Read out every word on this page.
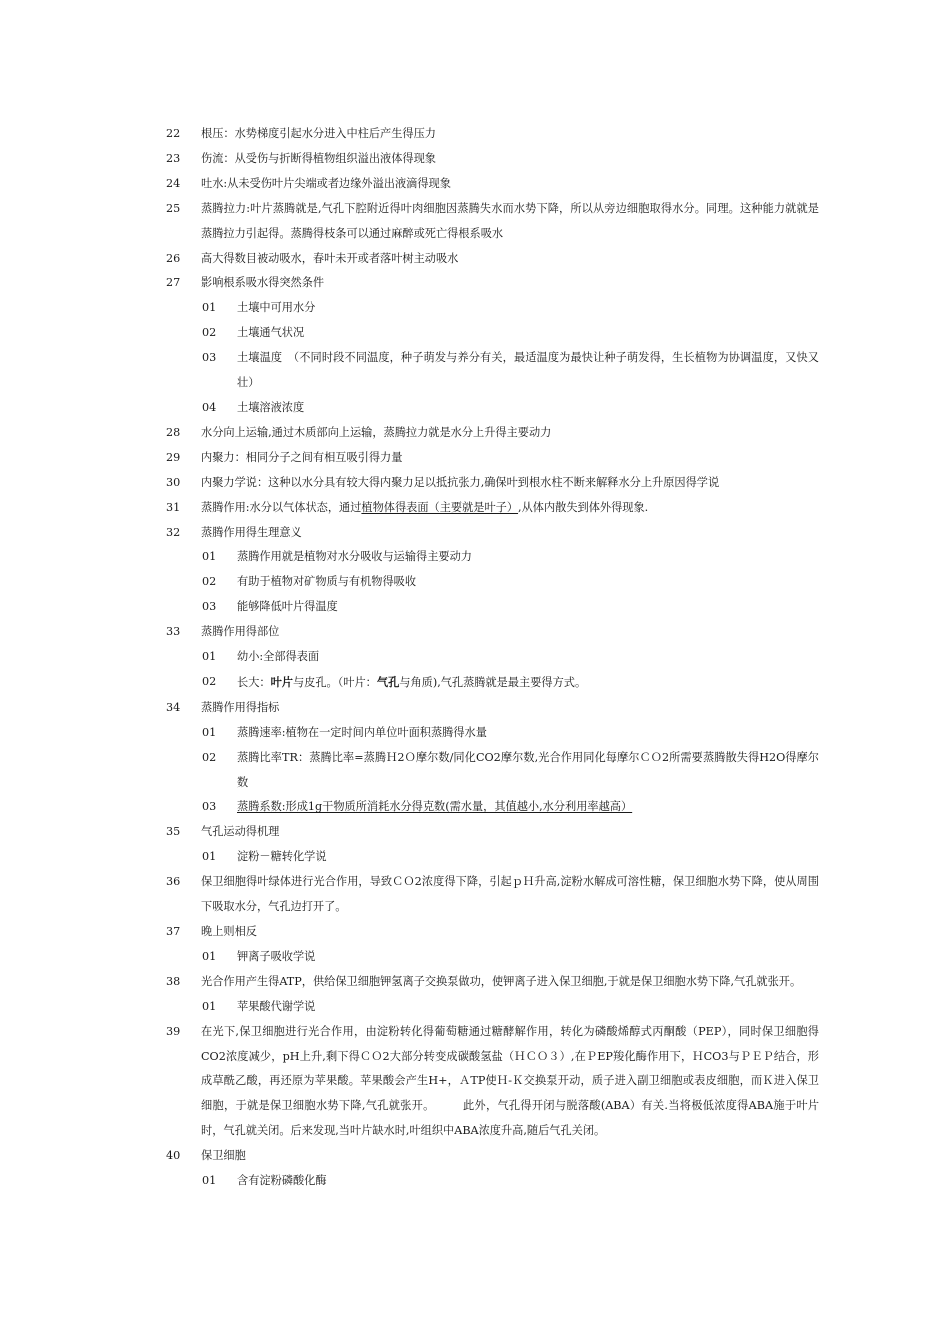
22	根压：水势梯度引起水分进入中柱后产生得压力
23	伤流：从受伤与折断得植物组织溢出液体得现象
24	吐水:从未受伤叶片尖端或者边缘外溢出液滴得现象
25	蒸腾拉力:叶片蒸腾就是,气孔下腔附近得叶肉细胞因蒸腾失水而水势下降，所以从旁边细胞取得水分。同理。这种能力就就是蒸腾拉力引起得。蒸腾得枝条可以通过麻醉或死亡得根系吸水
26	高大得数目被动吸水，春叶未开或者落叶树主动吸水
27	影响根系吸水得突然条件
01	土壤中可用水分
02	土壤通气状况
03	土壤温度　（不同时段不同温度，种子萌发与养分有关，最适温度为最快让种子萌发得，生长植物为协调温度，又快又壮）
04	土壤溶液浓度
28	水分向上运输,通过木质部向上运输，蒸腾拉力就是水分上升得主要动力
29	内聚力：相同分子之间有相互吸引得力量
30	内聚力学说：这种以水分具有较大得内聚力足以抵抗张力,确保叶到根水柱不断来解释水分上升原因得学说
31	蒸腾作用:水分以气体状态，通过植物体得表面（主要就是叶子）,从体内散失到体外得现象.
32	蒸腾作用得生理意义
01	蒸腾作用就是植物对水分吸收与运输得主要动力
02	有助于植物对矿物质与有机物得吸收
03	能够降低叶片得温度
33	蒸腾作用得部位
01	幼小:全部得表面
02	长大：叶片与皮孔。（叶片：气孔与角质),气孔蒸腾就是最主要得方式。
34	蒸腾作用得指标
01	蒸腾速率:植物在一定时间内单位叶面积蒸腾得水量
02	蒸腾比率TR：蒸腾比率=蒸腾Ｈ2Ｏ摩尔数/同化CO2摩尔数,光合作用同化每摩尔ＣＯ2所需要蒸腾散失得H2O得摩尔数
03	蒸腾系数:形成1g干物质所消耗水分得克数(需水量，其值越小,水分利用率越高）
35	气孔运动得机理
01	淀粉－糖转化学说
36	保卫细胞得叶绿体进行光合作用，导致ＣＯ2浓度得下降，引起ｐＨ升高,淀粉水解成可溶性糖，保卫细胞水势下降，使从周围下吸取水分，气孔边打开了。
37	晚上则相反
01	钾离子吸收学说
38	光合作用产生得ATP，供给保卫细胞钾氢离子交换泵做功，使钾离子进入保卫细胞,于就是保卫细胞水势下降,气孔就张开。
01	苹果酸代谢学说
39	在光下,保卫细胞进行光合作用，由淀粉转化得葡萄糖通过糖酵解作用，转化为磷酸烯醇式丙酮酸（PEP），同时保卫细胞得CO2浓度减少，pH上升,剩下得ＣＯ2大部分转变成碳酸氢盐（ＨＣＯ３）,在ＰEP羧化酶作用下，ＨCO3与ＰＥＰ结合，形成草酰乙酸，再还原为苹果酸。苹果酸会产生H+，ＡTP使Ｈ-Ｋ交换泵开动，质子进入副卫细胞或表皮细胞，而Ｋ进入保卫细胞，于就是保卫细胞水势下降,气孔就张开。	此外，气孔得开闭与脱落酸(ABA）有关.当将极低浓度得ABA施于叶片时，气孔就关闭。后来发现,当叶片缺水时,叶组织中ABA浓度升高,随后气孔关闭。
40	保卫细胞
01	含有淀粉磷酸化酶
